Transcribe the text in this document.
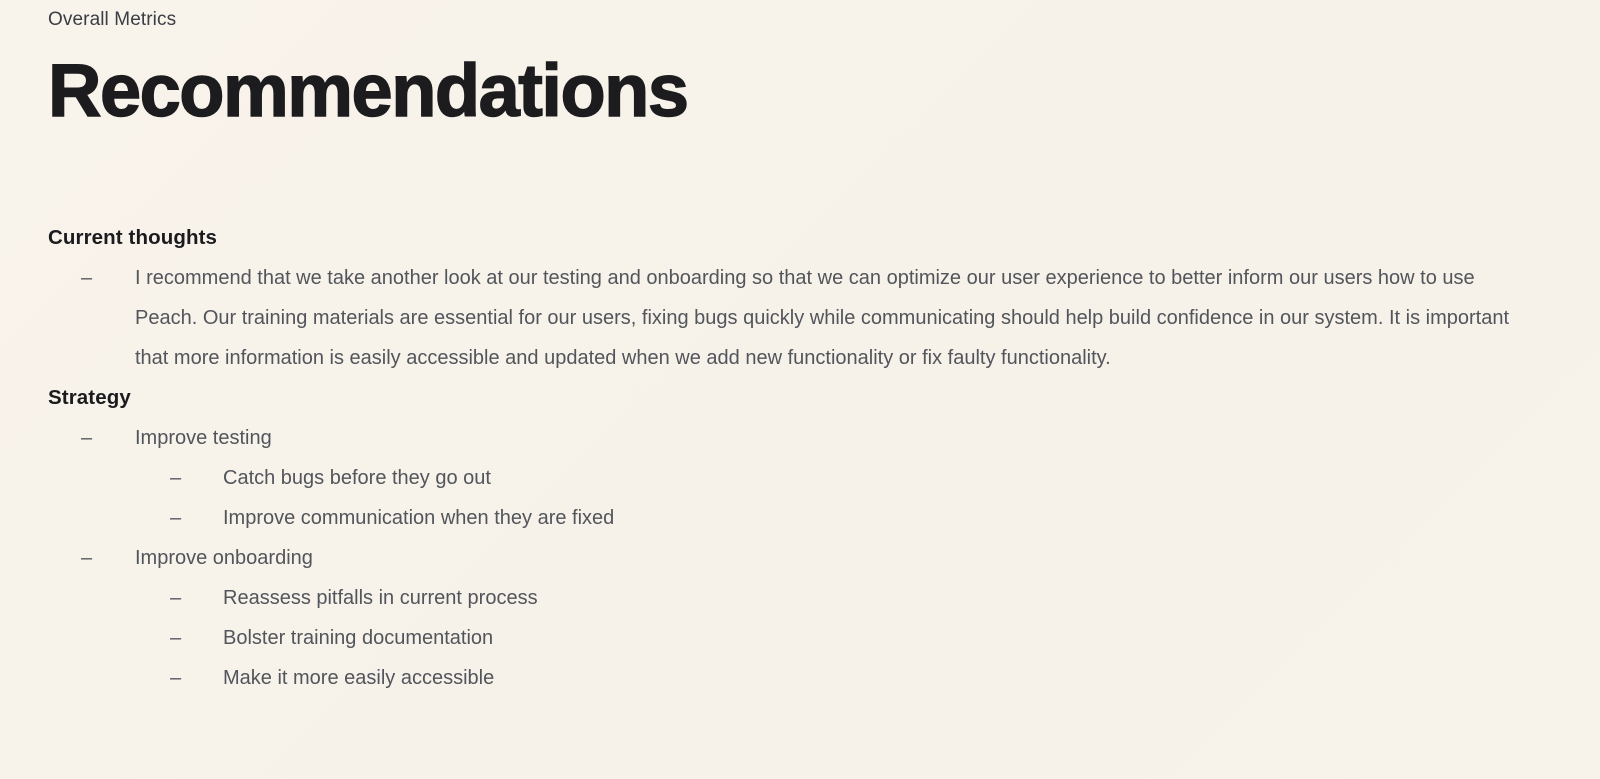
Overall Metrics
Recommendations
Current thoughts
–	I recommend that we take another look at our testing and onboarding so that we can optimize our user experience to better inform our users how to use Peach. Our training materials are essential for our users, fixing bugs quickly while communicating should help build confidence in our system. It is important that more information is easily accessible and updated when we add new functionality or fix faulty functionality.
Strategy
–	Improve testing
–	Catch bugs before they go out
–	Improve communication when they are fixed
–	Improve onboarding
–	Reassess pitfalls in current process
–	Bolster training documentation
–	Make it more easily accessible
